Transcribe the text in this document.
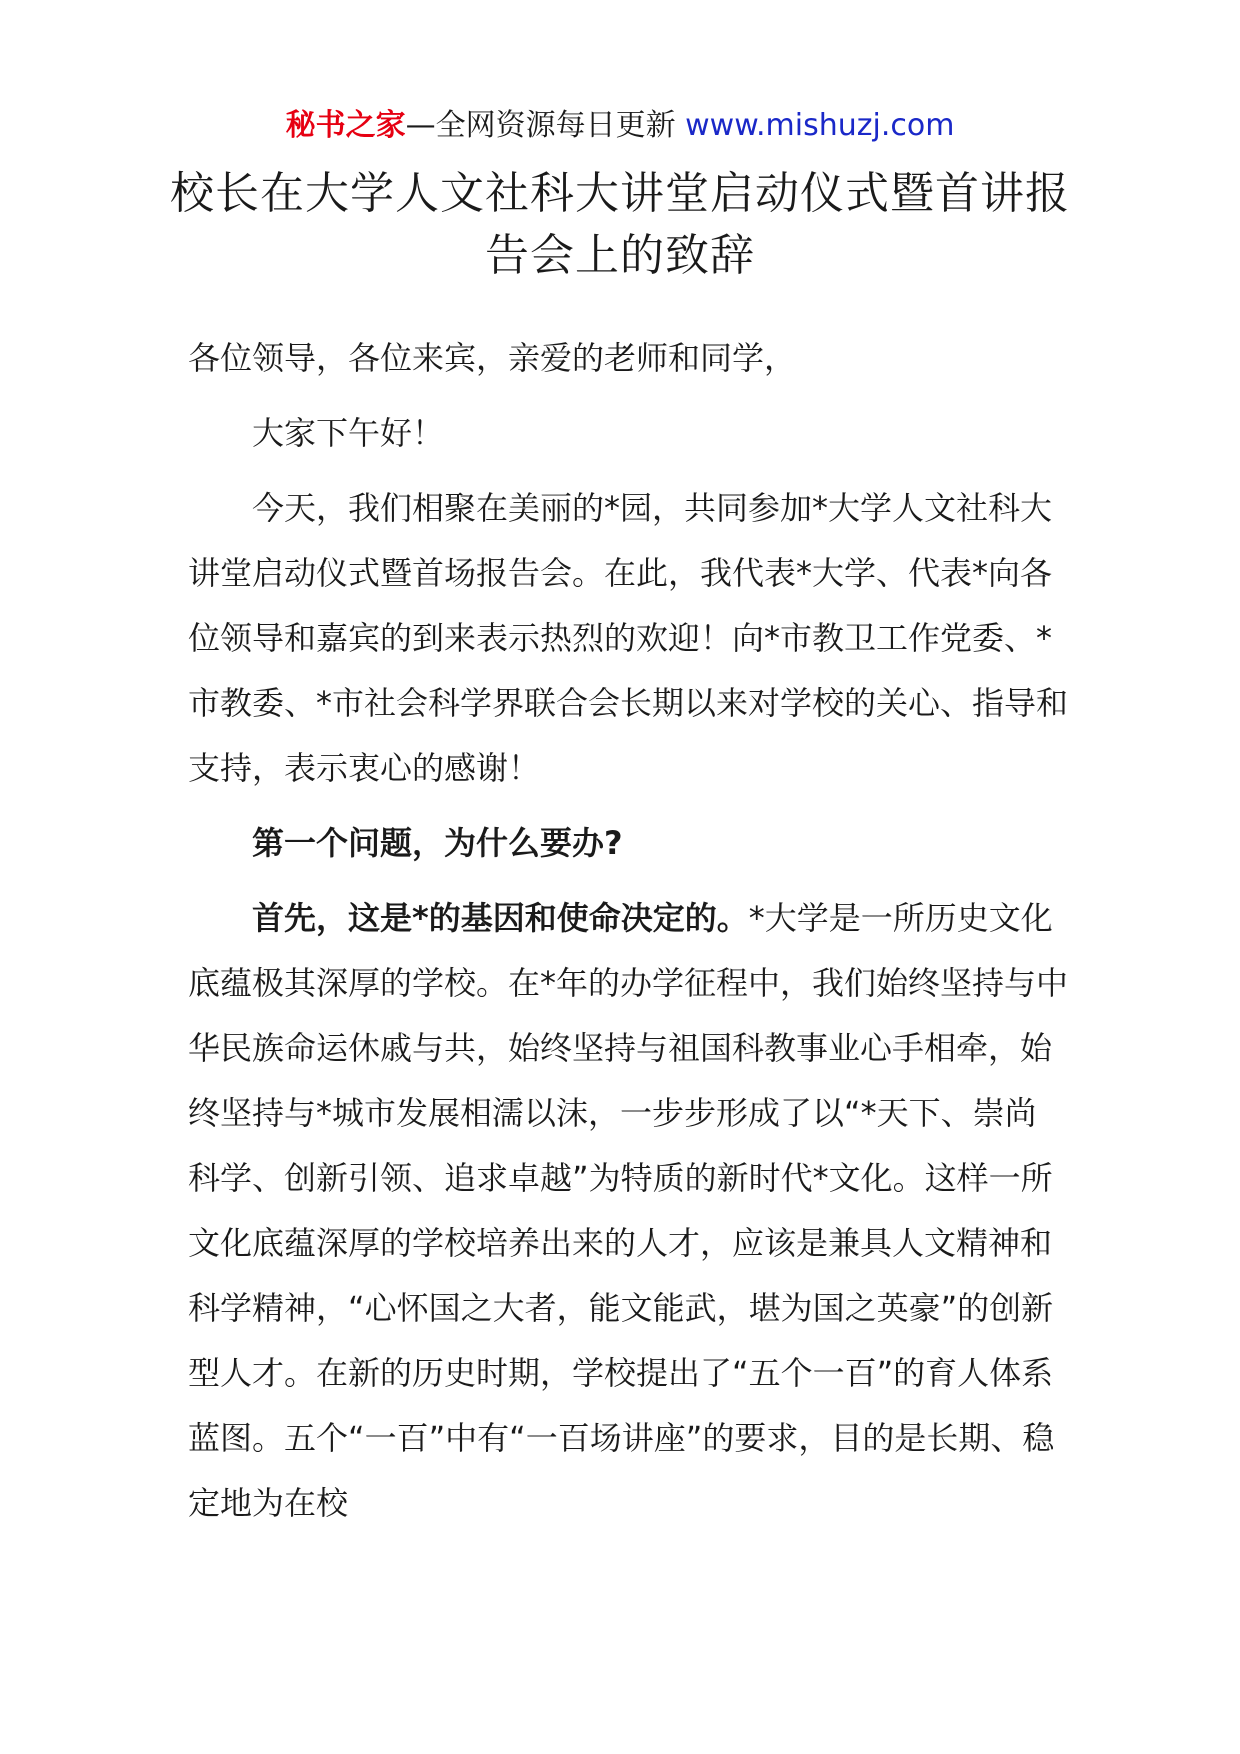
秘书之家—全网资源每日更新 www.mishuzj.com
校长在大学人文社科大讲堂启动仪式暨首讲报告会上的致辞

各位领导，各位来宾，亲爱的老师和同学，

大家下午好！

今天，我们相聚在美丽的*园，共同参加*大学人文社科大讲堂启动仪式暨首场报告会。在此，我代表*大学、代表*向各位领导和嘉宾的到来表示热烈的欢迎！向*市教卫工作党委、*市教委、*市社会科学界联合会长期以来对学校的关心、指导和支持，表示衷心的感谢！

第一个问题，为什么要办?

首先，这是*的基因和使命决定的。*大学是一所历史文化底蕴极其深厚的学校。在*年的办学征程中，我们始终坚持与中华民族命运休戚与共，始终坚持与祖国科教事业心手相牵，始终坚持与*城市发展相濡以沫，一步步形成了以“*天下、崇尚科学、创新引领、追求卓越”为特质的新时代*文化。这样一所文化底蕴深厚的学校培养出来的人才，应该是兼具人文精神和科学精神，“心怀国之大者，能文能武，堪为国之英豪”的创新型人才。在新的历史时期，学校提出了“五个一百”的育人体系蓝图。五个“一百”中有“一百场讲座”的要求，目的是长期、稳定地为在校
